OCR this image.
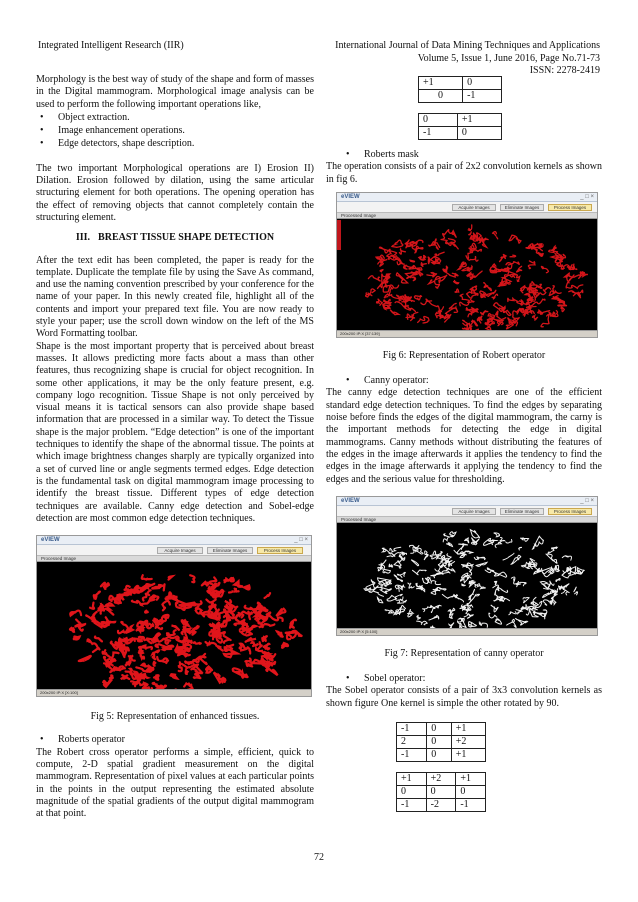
Integrated Intelligent Research (IIR)	International Journal of Data Mining Techniques and Applications
Volume 5, Issue 1, June 2016, Page No.71-73
ISSN: 2278-2419

Morphology is the best way of study of the shape and form of masses in the Digital mammogram. Morphological image analysis can be used to perform the following important operations like,

• Object extraction.
• Image enhancement operations.
• Edge detectors, shape description.

The two important Morphological operations are I) Erosion II) Dilation. Erosion followed by dilation, using the same articular structuring element for both operations. The opening operation has the effect of removing objects that cannot completely contain the structuring element.

III. BREAST TISSUE SHAPE DETECTION

After the text edit has been completed, the paper is ready for the template. Duplicate the template file by using the Save As command, and use the naming convention prescribed by your conference for the name of your paper. In this newly created file, highlight all of the contents and import your prepared text file. You are now ready to style your paper; use the scroll down window on the left of the MS Word Formatting toolbar.

Shape is the most important property that is perceived about breast masses. It allows predicting more facts about a mass than other features, thus recognizing shape is crucial for object recognition. In some other applications, it may be the only feature present, e.g. company logo recognition. Tissue Shape is not only perceived by visual means it is tactical sensors can also provide shape based information that are processed in a similar way. To detect the Tissue shape is the major problem. “Edge detection” is one of the important techniques to identify the shape of the abnormal tissue. The points at which image brightness changes sharply are typically organized into a set of curved line or angle segments termed edges. Edge detection is the fundamental task on digital mammogram image processing to identify the breast tissue. Different types of edge detection techniques are available. Canny edge detection and Sobel-edge detection are most common edge detection techniques.

eVIEW	_ □ ×
Acquire Images	Eliminate Images	Process Images
Processed Image
200x200 IP:X [X:100]

Fig 5: Representation of enhanced tissues.

• Roberts operator

The Robert cross operator performs a simple, efficient, quick to compute, 2-D spatial gradient measurement on the digital mammogram. Representation of pixel values at each particular points in the points in the output representing the estimated absolute magnitude of the spatial gradients of the output digital mammogram at that point.

+1	0
0	-1
0	+1
-1	0
• Roberts mask

The operation consists of a pair of 2x2 convolution kernels as shown in fig 6.

eVIEW	_ □ ×
Acquire Images	Eliminate Images	Process Images
Processed Image
200x200 IP:X [37:139]

Fig 6: Representation of Robert operator

• Canny operator:

The canny edge detection techniques are one of the efficient standard edge detection techniques. To find the edges by separating noise before finds the edges of the digital mammogram, the carny is the important methods for detecting the edge in digital mammograms. Canny methods without distributing the features of the edges in the image afterwards it applies the tendency to find the edges in the image afterwards it applying the tendency to find the edges and the serious value for thresholding.

eVIEW	_ □ ×
Acquire Images	Eliminate Images	Process Images
Processed Image
200x200 IP:X [5:100]

Fig 7: Representation of canny operator

• Sobel operator:

The Sobel operator consists of a pair of 3x3 convolution kernels as shown figure One kernel is simple the other rotated by 90.

-1	0	+1
2	0	+2
-1	0	+1
+1	+2	+1
0	0	0
-1	-2	-1
72
